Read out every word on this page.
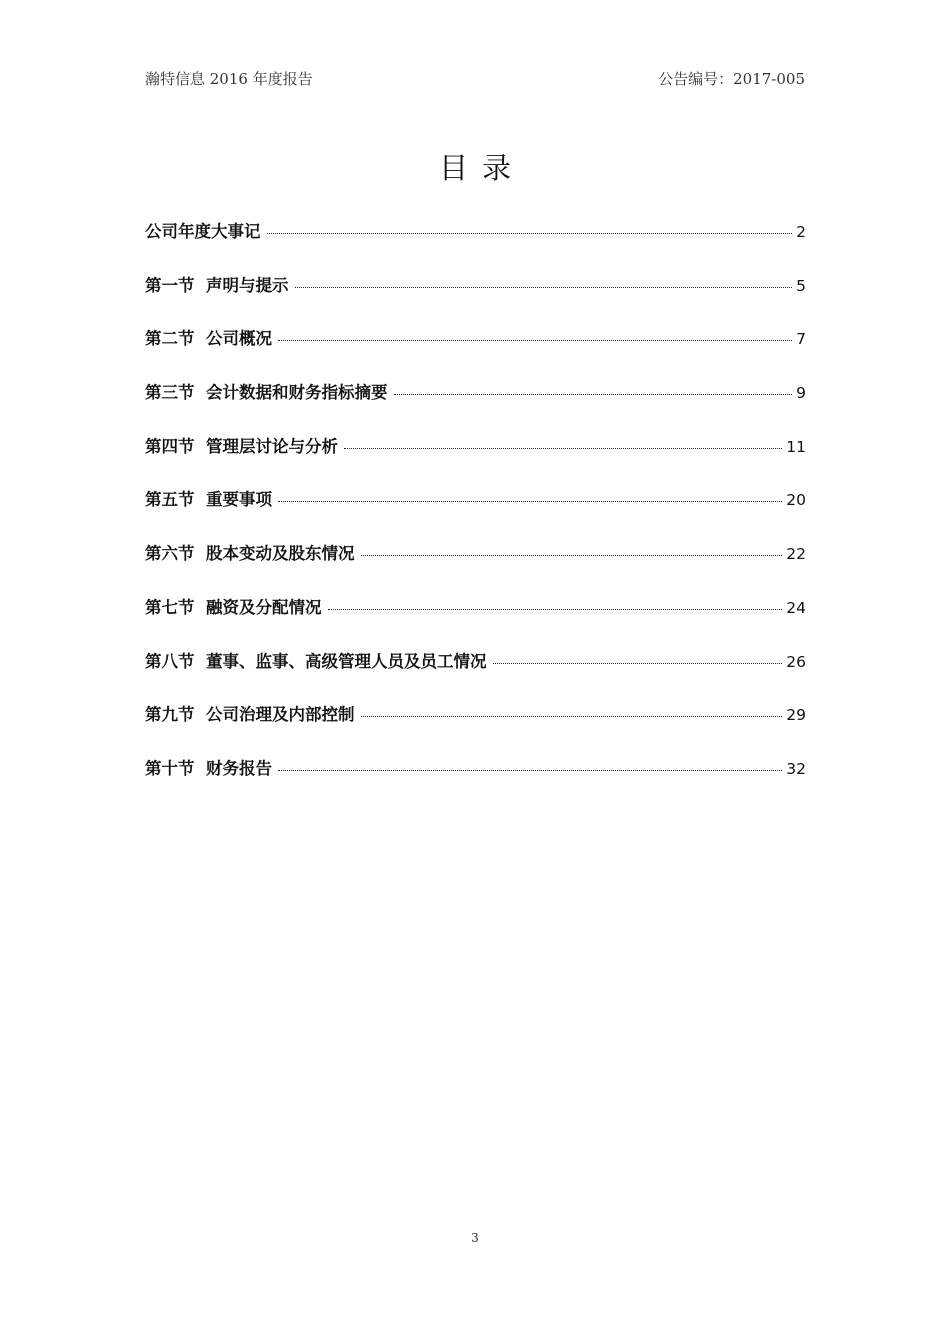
瀚特信息 2016 年度报告	公告编号：2017-005
目录
公司年度大事记	2
第一节  声明与提示	5
第二节  公司概况	7
第三节  会计数据和财务指标摘要	9
第四节  管理层讨论与分析	11
第五节  重要事项	20
第六节  股本变动及股东情况	22
第七节  融资及分配情况	24
第八节  董事、监事、高级管理人员及员工情况	26
第九节  公司治理及内部控制	29
第十节  财务报告	32
3
